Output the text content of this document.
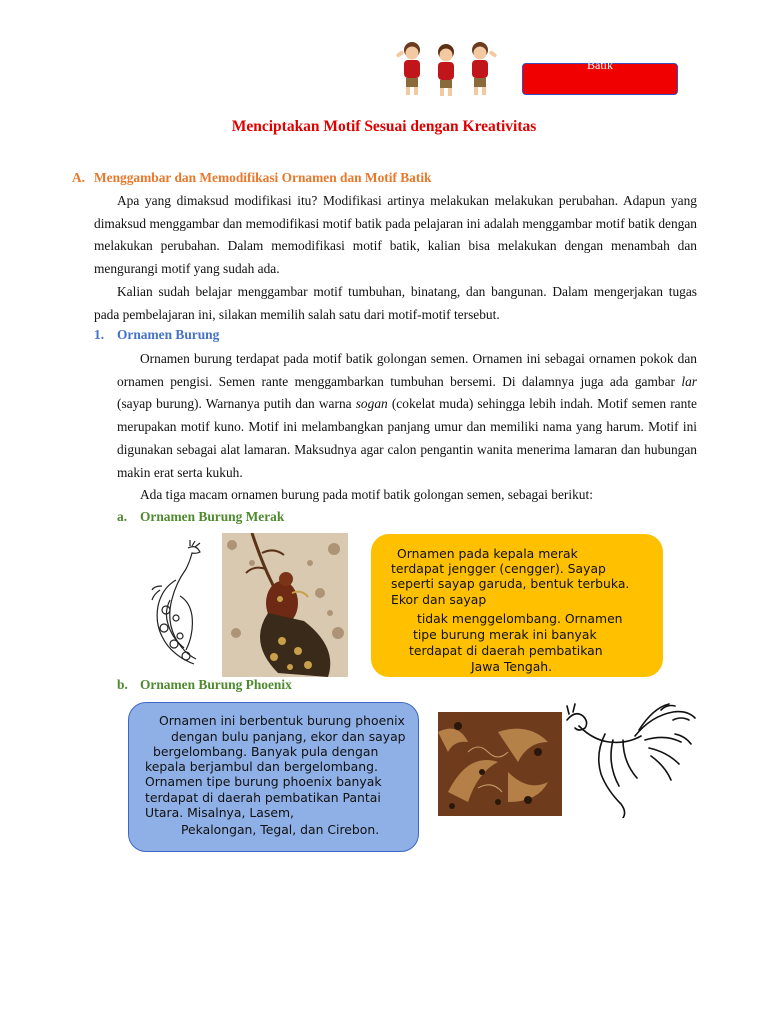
Batik
Menciptakan Motif Sesuai dengan Kreativitas
A. Menggambar dan Memodifikasi Ornamen dan Motif Batik
Apa yang dimaksud modifikasi itu? Modifikasi artinya melakukan melakukan perubahan. Adapun yang dimaksud menggambar dan memodifikasi motif batik pada pelajaran ini adalah menggambar motif batik dengan melakukan perubahan. Dalam memodifikasi motif batik, kalian bisa melakukan dengan menambah dan mengurangi motif yang sudah ada.
Kalian sudah belajar menggambar motif tumbuhan, binatang, dan bangunan. Dalam mengerjakan tugas pada pembelajaran ini, silakan memilih salah satu dari motif-motif tersebut.
1. Ornamen Burung
Ornamen burung terdapat pada motif batik golongan semen. Ornamen ini sebagai ornamen pokok dan ornamen pengisi. Semen rante menggambarkan tumbuhan bersemi. Di dalamnya juga ada gambar lar (sayap burung). Warnanya putih dan warna sogan (cokelat muda) sehingga lebih indah. Motif semen rante merupakan motif kuno. Motif ini melambangkan panjang umur dan memiliki nama yang harum. Motif ini digunakan sebagai alat lamaran. Maksudnya agar calon pengantin wanita menerima lamaran dan hubungan makin erat serta kukuh.
Ada tiga macam ornamen burung pada motif batik golongan semen, sebagai berikut:
a. Ornamen Burung Merak
Ornamen pada kepala merak
terdapat jengger (cengger). Sayap
seperti sayap garuda, bentuk terbuka.
Ekor dan sayap
tidak menggelombang. Ornamen
tipe burung merak ini banyak
terdapat di daerah pembatikan
Jawa Tengah.
b. Ornamen Burung Phoenix
Ornamen ini berbentuk burung phoenix
dengan bulu panjang, ekor dan sayap
bergelombang. Banyak pula dengan
kepala berjambul dan bergelombang.
Ornamen tipe burung phoenix banyak
terdapat di daerah pembatikan Pantai
Utara. Misalnya, Lasem,
Pekalongan, Tegal, dan Cirebon.
